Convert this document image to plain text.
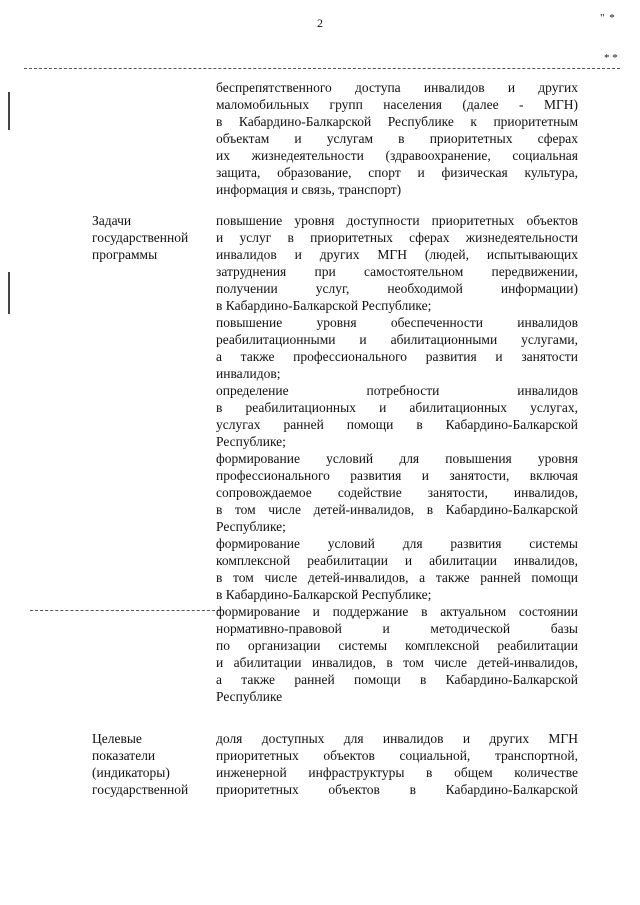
2	" *
* *
беспрепятственного доступа инвалидов и других
маломобильных групп населения (далее - МГН)
в Кабардино-Балкарской Республике к приоритетным
объектам и услугам в приоритетных сферах
их жизнедеятельности (здравоохранение, социальная
защита, образование, спорт и физическая культура,
информация и связь, транспорт)
Задачи
государственной
программы
повышение уровня доступности приоритетных объектов
и услуг в приоритетных сферах жизнедеятельности
инвалидов и других МГН (людей, испытывающих
затруднения при самостоятельном передвижении,
получении услуг, необходимой информации)
в Кабардино-Балкарской Республике;
повышение уровня обеспеченности инвалидов
реабилитационными и абилитационными услугами,
а также профессионального развития и занятости
инвалидов;
определение потребности инвалидов
в реабилитационных и абилитационных услугах,
услугах ранней помощи в Кабардино-Балкарской
Республике;
формирование условий для повышения уровня
профессионального развития и занятости, включая
сопровождаемое содействие занятости, инвалидов,
в том числе детей-инвалидов, в Кабардино-Балкарской
Республике;
формирование условий для развития системы
комплексной реабилитации и абилитации инвалидов,
в том числе детей-инвалидов, а также ранней помощи
в Кабардино-Балкарской Республике;
формирование и поддержание в актуальном состоянии
нормативно-правовой и методической базы
по организации системы комплексной реабилитации
и абилитации инвалидов, в том числе детей-инвалидов,
а также ранней помощи в Кабардино-Балкарской
Республике
Целевые
показатели
(индикаторы)
государственной
доля доступных для инвалидов и других МГН
приоритетных объектов социальной, транспортной,
инженерной инфраструктуры в общем количестве
приоритетных объектов в Кабардино-Балкарской
